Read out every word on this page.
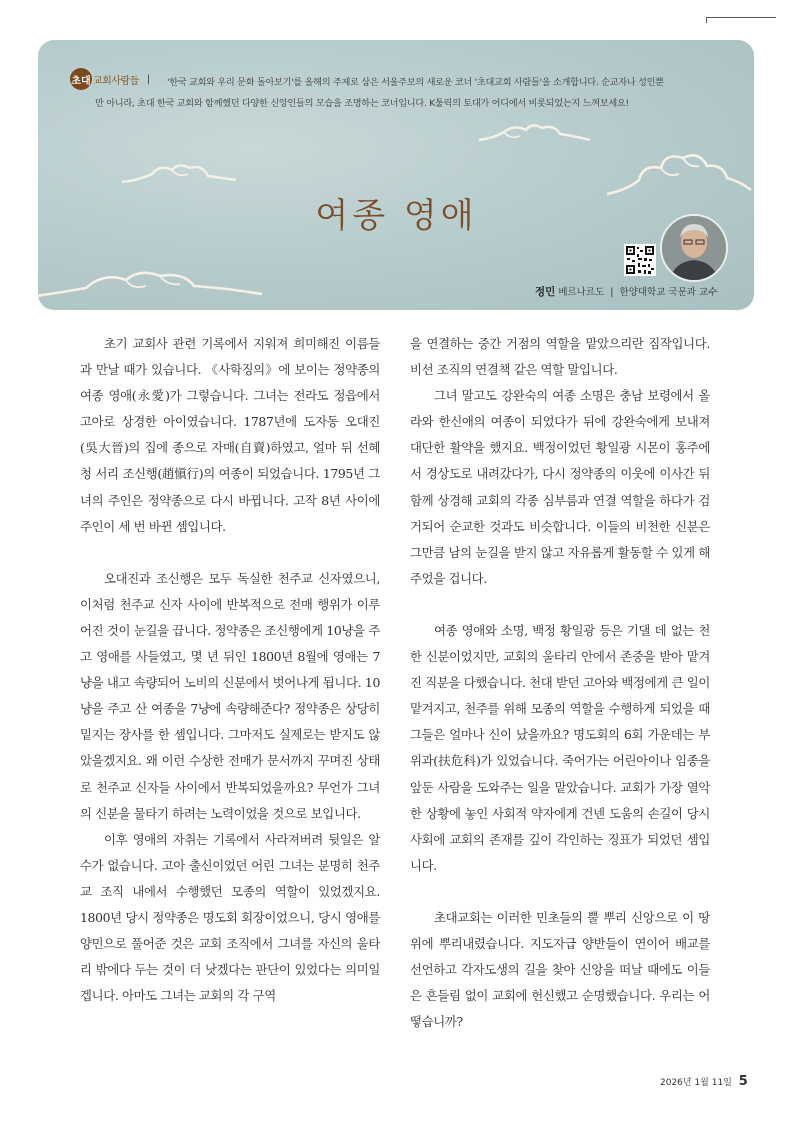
초대 교회사람들 |	'한국 교회와 우리 문화 돌아보기'를 올해의 주제로 삼은 서울주보의 새로운 코너 '초대교회 사람들'을 소개합니다. 순교자나 성인뿐
만 아니라, 초대 한국 교회와 함께했던 다양한 신앙인들의 모습을 조명하는 코너입니다. K툴릭의 토대가 어디에서 비롯되었는지 느껴보세요!
여종 영애
정민 베르나르도 | 한양대학교 국문과 교수

초기 교회사 관련 기록에서 지워져 희미해진 이름들과 만날 때가 있습니다. 《사학징의》에 보이는 정약종의 여종 영애(永愛)가 그렇습니다. 그녀는 전라도 정읍에서 고아로 상경한 아이였습니다. 1787년에 도자동 오대진(吳大晉)의 집에 종으로 자매(自賣)하였고, 얼마 뒤 선혜청 서리 조신행(趙愼行)의 여종이 되었습니다. 1795년 그녀의 주인은 정약종으로 다시 바뀝니다. 고작 8년 사이에 주인이 세 번 바뀐 셈입니다.

오대진과 조신행은 모두 독실한 천주교 신자였으니, 이처럼 천주교 신자 사이에 반복적으로 전매 행위가 이루어진 것이 눈길을 끕니다. 정약종은 조신행에게 10냥을 주고 영애를 사들였고, 몇 년 뒤인 1800년 8월에 영애는 7냥을 내고 속량되어 노비의 신분에서 벗어나게 됩니다. 10냥을 주고 산 여종을 7냥에 속량해준다? 정약종은 상당히 밑지는 장사를 한 셈입니다. 그마저도 실제로는 받지도 않았을겠지요. 왜 이런 수상한 전매가 문서까지 꾸며진 상태로 천주교 신자들 사이에서 반복되었을까요? 무언가 그녀의 신분을 물타기 하려는 노력이었을 것으로 보입니다.

이후 영애의 자취는 기록에서 사라져버려 뒷일은 알 수가 없습니다. 고아 출신이었던 어린 그녀는 분명히 천주교 조직 내에서 수행했던 모종의 역할이 있었겠지요. 1800년 당시 정약종은 명도회 회장이었으니, 당시 영애를 양민으로 풀어준 것은 교회 조직에서 그녀를 자신의 울타리 밖에다 두는 것이 더 낫겠다는 판단이 있었다는 의미일 겝니다. 아마도 그녀는 교회의 각 구역

을 연결하는 중간 거점의 역할을 맡았으리란 짐작입니다. 비선 조직의 연결책 같은 역할 말입니다.

그녀 말고도 강완숙의 여종 소명은 충남 보령에서 올라와 한신애의 여종이 되었다가 뒤에 강완숙에게 보내져 대단한 활약을 했지요. 백정이었던 황일광 시몬이 홍주에서 경상도로 내려갔다가, 다시 정약종의 이웃에 이사간 뒤 함께 상경해 교회의 각종 심부름과 연결 역할을 하다가 검거되어 순교한 것과도 비슷합니다. 이들의 비천한 신분은 그만큼 남의 눈길을 받지 않고 자유롭게 활동할 수 있게 해 주었을 겁니다.

여종 영애와 소명, 백정 황일광 등은 기댈 데 없는 천한 신분이었지만, 교회의 울타리 안에서 존중을 받아 맡겨진 직분을 다했습니다. 천대 받던 고아와 백정에게 큰 일이 맡겨지고, 천주를 위해 모종의 역할을 수행하게 되었을 때 그들은 얼마나 신이 났을까요? 명도회의 6회 가운데는 부위과(扶危科)가 있었습니다. 죽어가는 어린아이나 임종을 앞둔 사람을 도와주는 일을 맡았습니다. 교회가 가장 열악한 상황에 놓인 사회적 약자에게 건넨 도움의 손길이 당시 사회에 교회의 존재를 깊이 각인하는 징표가 되었던 셈입니다.

초대교회는 이러한 민초들의 뿔 뿌리 신앙으로 이 땅 위에 뿌리내렸습니다. 지도자급 양반들이 연이어 배교를 선언하고 각자도생의 길을 찾아 신앙을 떠날 때에도 이들은 흔들림 없이 교회에 헌신했고 순명했습니다. 우리는 어떻습니까?

2026년 1월 11일 5
